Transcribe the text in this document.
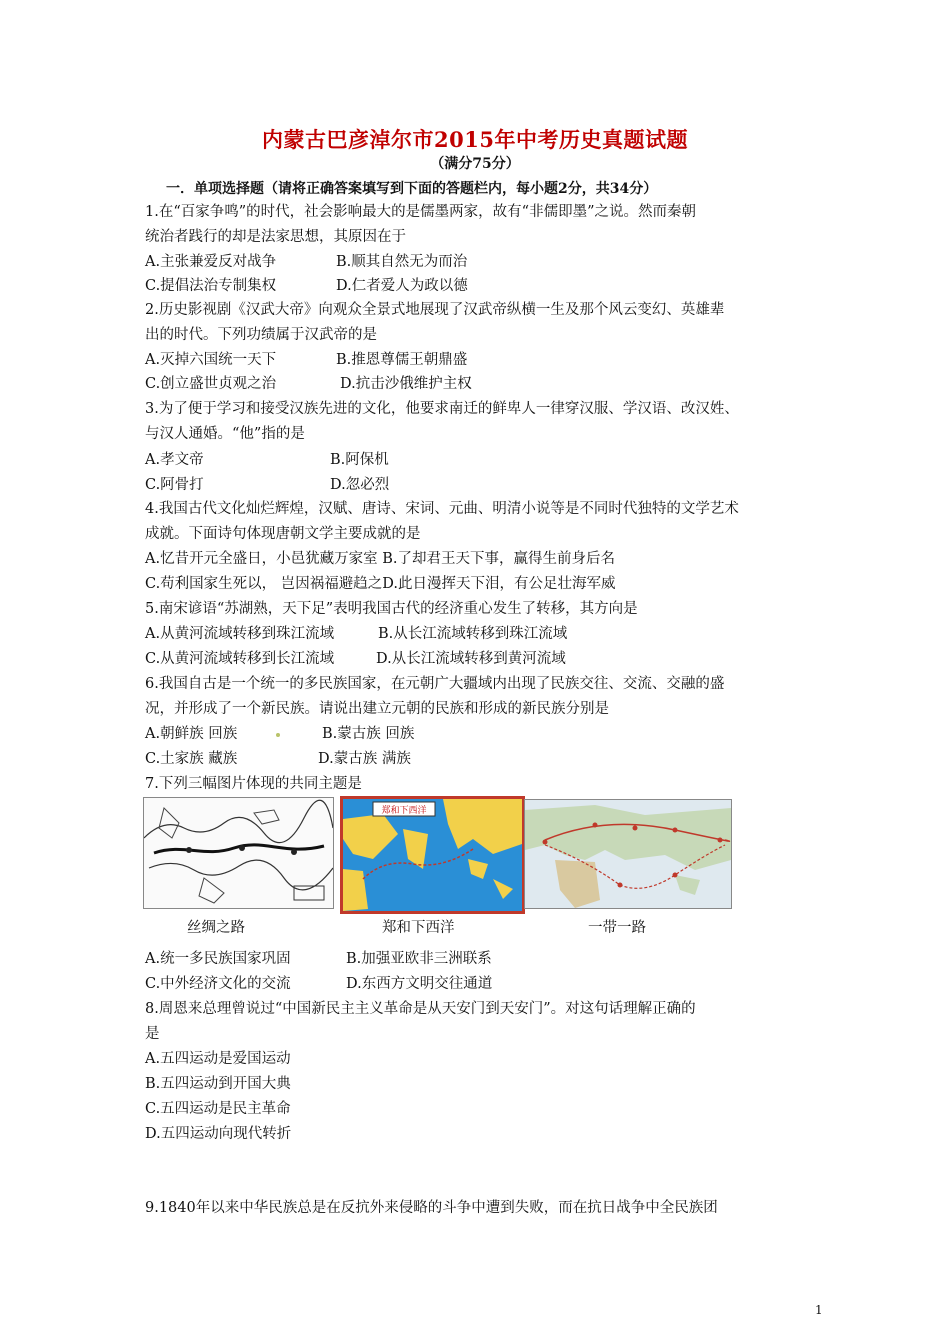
内蒙古巴彦淖尔市2015年中考历史真题试题
（满分75分）
一．单项选择题（请将正确答案填写到下面的答题栏内，每小题2分，共34分）
1.在“百家争鸣”的时代，社会影响最大的是儒墨两家，故有“非儒即墨”之说。然而秦朝
统治者践行的却是法家思想，其原因在于
A.主张兼爱反对战争	B.顺其自然无为而治
C.提倡法治专制集权	D.仁者爱人为政以德
2.历史影视剧《汉武大帝》向观众全景式地展现了汉武帝纵横一生及那个风云变幻、英雄辈
出的时代。下列功绩属于汉武帝的是
A.灭掉六国统一天下	B.推恩尊儒王朝鼎盛
C.创立盛世贞观之治	D.抗击沙俄维护主权
3.为了便于学习和接受汉族先进的文化，他要求南迁的鲜卑人一律穿汉服、学汉语、改汉姓、
与汉人通婚。“他”指的是
A.孝文帝	B.阿保机
C.阿骨打	D.忽必烈
4.我国古代文化灿烂辉煌，汉赋、唐诗、宋词、元曲、明清小说等是不同时代独特的文学艺术
成就。下面诗句体现唐朝文学主要成就的是
A.忆昔开元全盛日，小邑犹藏万家室 B.了却君王天下事，赢得生前身后名
C.苟利国家生死以， 岂因祸福避趋之D.此日漫挥天下泪，有公足壮海军威
5.南宋谚语“苏湖熟，天下足”表明我国古代的经济重心发生了转移，其方向是
A.从黄河流域转移到珠江流域	B.从长江流域转移到珠江流域
C.从黄河流域转移到长江流域	D.从长江流域转移到黄河流域
6.我国自古是一个统一的多民族国家，在元朝广大疆域内出现了民族交往、交流、交融的盛
况，并形成了一个新民族。请说出建立元朝的民族和形成的新民族分别是
A.朝鲜族 回族	B.蒙古族 回族
C.土家族 藏族	D.蒙古族 满族
7.下列三幅图片体现的共同主题是
郑和下西洋
丝绸之路	郑和下西洋	一带一路
A.统一多民族国家巩固	B.加强亚欧非三洲联系
C.中外经济文化的交流	D.东西方文明交往通道
8.周恩来总理曾说过“中国新民主主义革命是从天安门到天安门”。对这句话理解正确的
是
A.五四运动是爱国运动
B.五四运动到开国大典
C.五四运动是民主革命
D.五四运动向现代转折
9.1840年以来中华民族总是在反抗外来侵略的斗争中遭到失败，而在抗日战争中全民族团
1
